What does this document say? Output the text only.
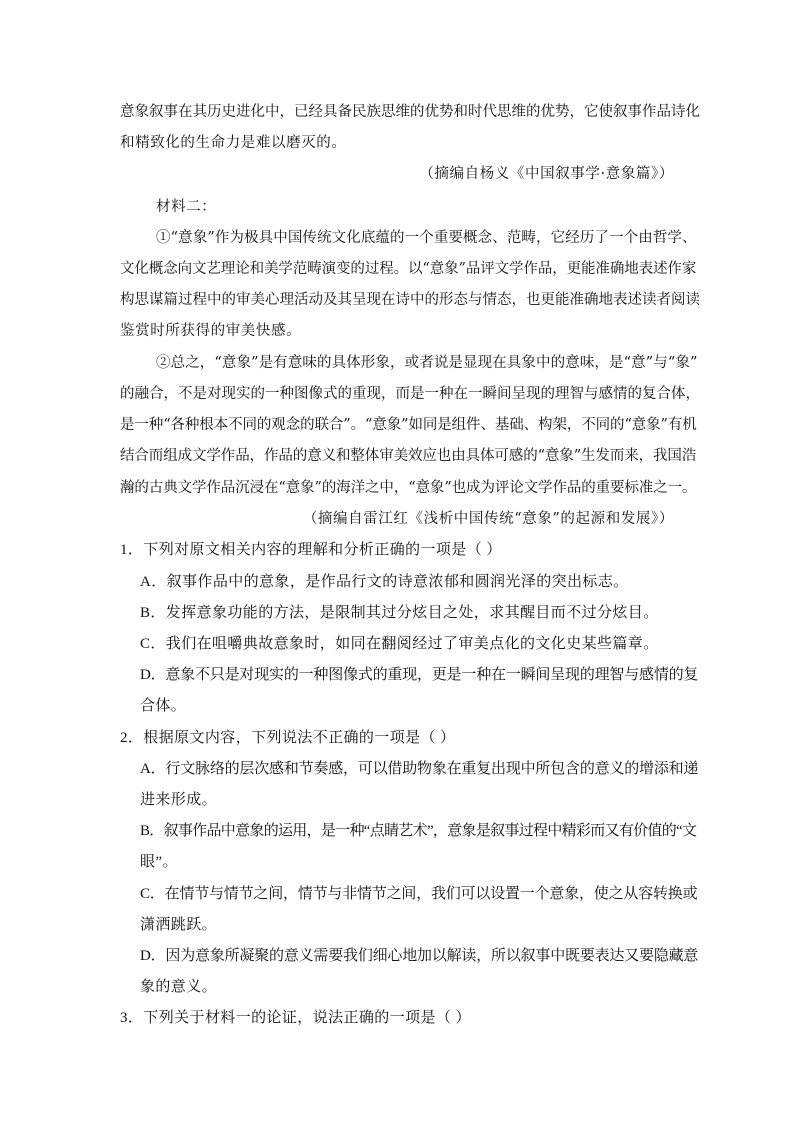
意象叙事在其历史进化中，已经具备民族思维的优势和时代思维的优势，它使叙事作品诗化
和精致化的生命力是难以磨灭的。
（摘编自杨义《中国叙事学·意象篇》）
材料二：
①“意象”作为极具中国传统文化底蕴的一个重要概念、范畴，它经历了一个由哲学、
文化概念向文艺理论和美学范畴演变的过程。以“意象”品评文学作品，更能准确地表述作家
构思谋篇过程中的审美心理活动及其呈现在诗中的形态与情态，也更能准确地表述读者阅读
鉴赏时所获得的审美快感。
②总之，“意象”是有意味的具体形象，或者说是显现在具象中的意味，是“意”与“象”
的融合，不是对现实的一种图像式的重现，而是一种在一瞬间呈现的理智与感情的复合体，
是一种“各种根本不同的观念的联合”。“意象”如同是组件、基础、构架，不同的“意象”有机
结合而组成文学作品，作品的意义和整体审美效应也由具体可感的“意象”生发而来，我国浩
瀚的古典文学作品沉浸在“意象”的海洋之中，“意象”也成为评论文学作品的重要标准之一。
（摘编自雷江红《浅析中国传统“意象”的起源和发展》）
1．下列对原文相关内容的理解和分析正确的一项是（ ）
A．叙事作品中的意象，是作品行文的诗意浓郁和圆润光泽的突出标志。
B．发挥意象功能的方法，是限制其过分炫目之处，求其醒目而不过分炫目。
C．我们在咀嚼典故意象时，如同在翻阅经过了审美点化的文化史某些篇章。
D．意象不只是对现实的一种图像式的重现，更是一种在一瞬间呈现的理智与感情的复
合体。
2．根据原文内容，下列说法不正确的一项是（ ）
A．行文脉络的层次感和节奏感，可以借助物象在重复出现中所包含的意义的增添和递
进来形成。
B．叙事作品中意象的运用，是一种“点睛艺术”，意象是叙事过程中精彩而又有价值的“文
眼”。
C．在情节与情节之间，情节与非情节之间，我们可以设置一个意象，使之从容转换或
潇洒跳跃。
D．因为意象所凝聚的意义需要我们细心地加以解读，所以叙事中既要表达又要隐藏意
象的意义。
3．下列关于材料一的论证，说法正确的一项是（ ）
